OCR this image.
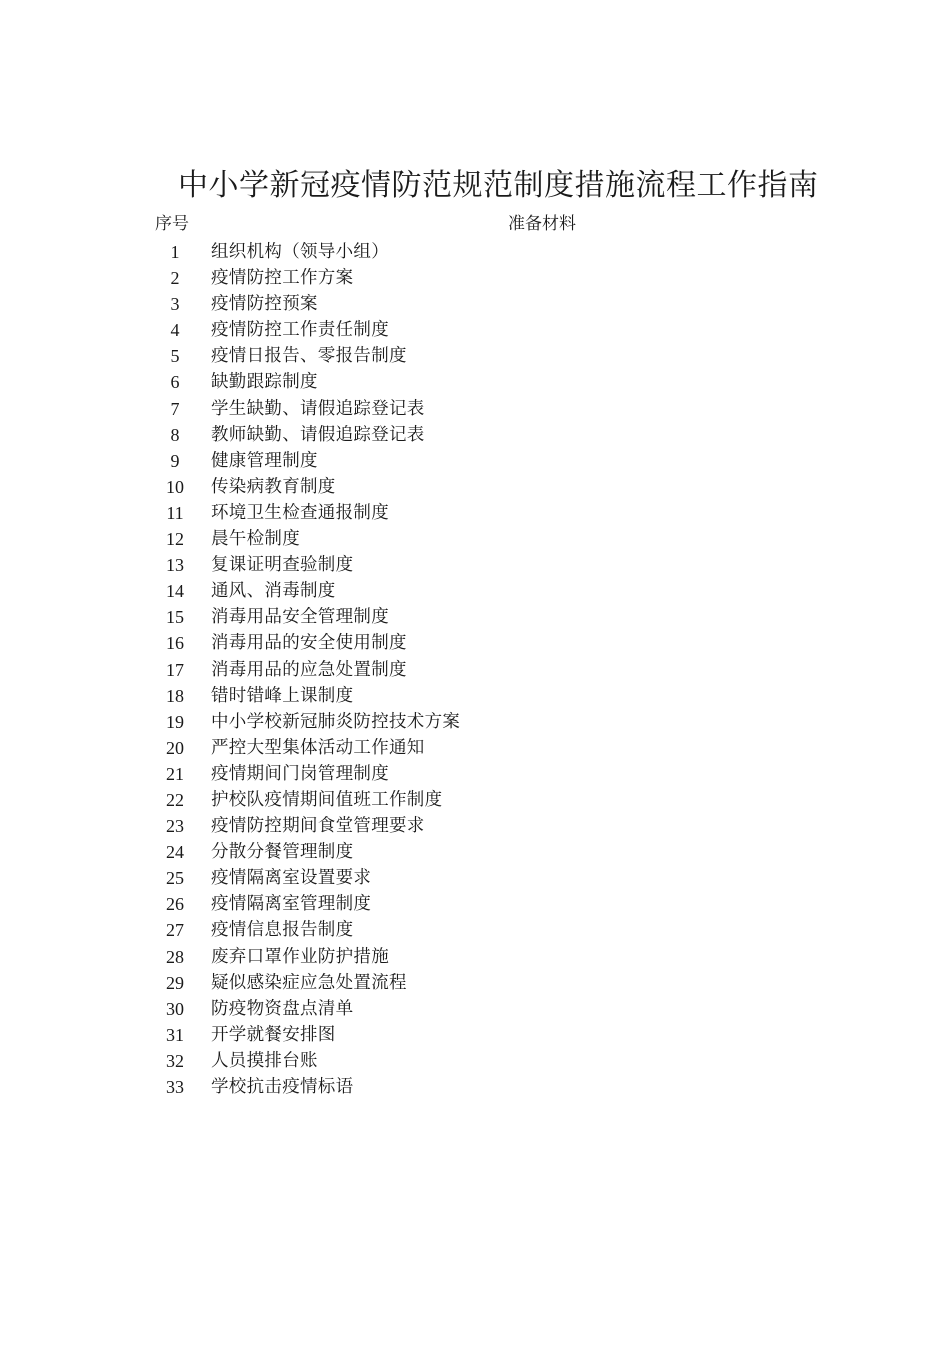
中小学新冠疫情防范规范制度措施流程工作指南
序号	准备材料
1	组织机构（领导小组）
2	疫情防控工作方案
3	疫情防控预案
4	疫情防控工作责任制度
5	疫情日报告、零报告制度
6	缺勤跟踪制度
7	学生缺勤、请假追踪登记表
8	教师缺勤、请假追踪登记表
9	健康管理制度
10	传染病教育制度
11	环境卫生检查通报制度
12	晨午检制度
13	复课证明查验制度
14	通风、消毒制度
15	消毒用品安全管理制度
16	消毒用品的安全使用制度
17	消毒用品的应急处置制度
18	错时错峰上课制度
19	中小学校新冠肺炎防控技术方案
20	严控大型集体活动工作通知
21	疫情期间门岗管理制度
22	护校队疫情期间值班工作制度
23	疫情防控期间食堂管理要求
24	分散分餐管理制度
25	疫情隔离室设置要求
26	疫情隔离室管理制度
27	疫情信息报告制度
28	废弃口罩作业防护措施
29	疑似感染症应急处置流程
30	防疫物资盘点清单
31	开学就餐安排图
32	人员摸排台账
33	学校抗击疫情标语
